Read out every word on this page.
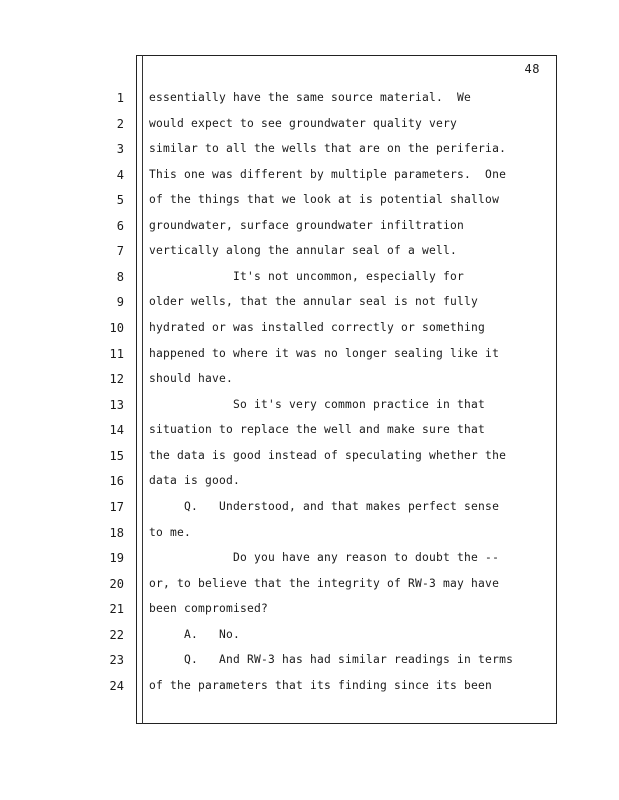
48
1 essentially have the same source material.  We
2 would expect to see groundwater quality very
3 similar to all the wells that are on the periferia.
4 This one was different by multiple parameters.  One
5 of the things that we look at is potential shallow
6 groundwater, surface groundwater infiltration
7 vertically along the annular seal of a well.
8 It's not uncommon, especially for
9 older wells, that the annular seal is not fully
10 hydrated or was installed correctly or something
11 happened to where it was no longer sealing like it
12 should have.
13 So it's very common practice in that
14 situation to replace the well and make sure that
15 the data is good instead of speculating whether the
16 data is good.
17 Q.   Understood, and that makes perfect sense
18 to me.
19 Do you have any reason to doubt the --
20 or, to believe that the integrity of RW-3 may have
21 been compromised?
22 A.   No.
23 Q.   And RW-3 has had similar readings in terms
24 of the parameters that its finding since its been
